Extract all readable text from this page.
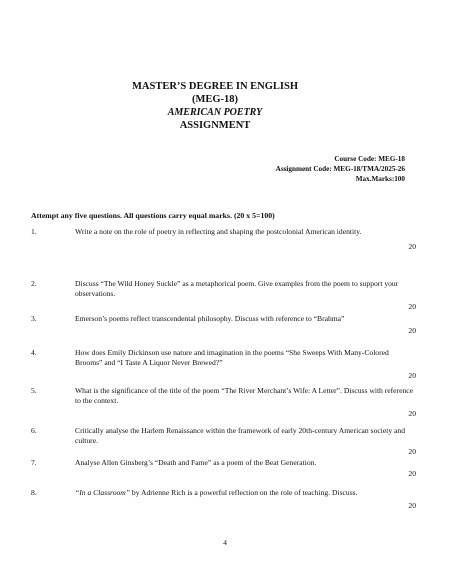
MASTER’S DEGREE IN ENGLISH
(MEG-18)
AMERICAN POETRY
ASSIGNMENT
Course Code: MEG-18
Assignment Code: MEG-18/TMA/2025-26
Max.Marks:100
Attempt any five questions. All questions carry equal marks. (20 x 5=100)
1.	Write a note on the role of poetry in reflecting and shaping the postcolonial American identity.
20
2.	Discuss “The Wild Honey Suckle” as a metaphorical poem. Give examples from the poem to support your observations.
20
3.	Emerson’s poems reflect transcendental philosophy. Discuss with reference to “Brahma”
20
4.	How does Emily Dickinson use nature and imagination in the poems “She Sweeps With Many-Colored Brooms” and “I Taste A Liquor Never Brewed?”
20
5.	What is the significance of the title of the poem “The River Merchant’s Wife: A Letter”. Discuss with reference to the context.
20
6.	Critically analyse the Harlem Renaissance within the framework of early 20th-century American society and culture.
20
7.	Analyse Allen Ginsberg’s “Death and Fame” as a poem of the Beat Generation.
20
8.	“In a Classroom” by Adrienne Rich is a powerful reflection on the role of teaching. Discuss.
20
4
